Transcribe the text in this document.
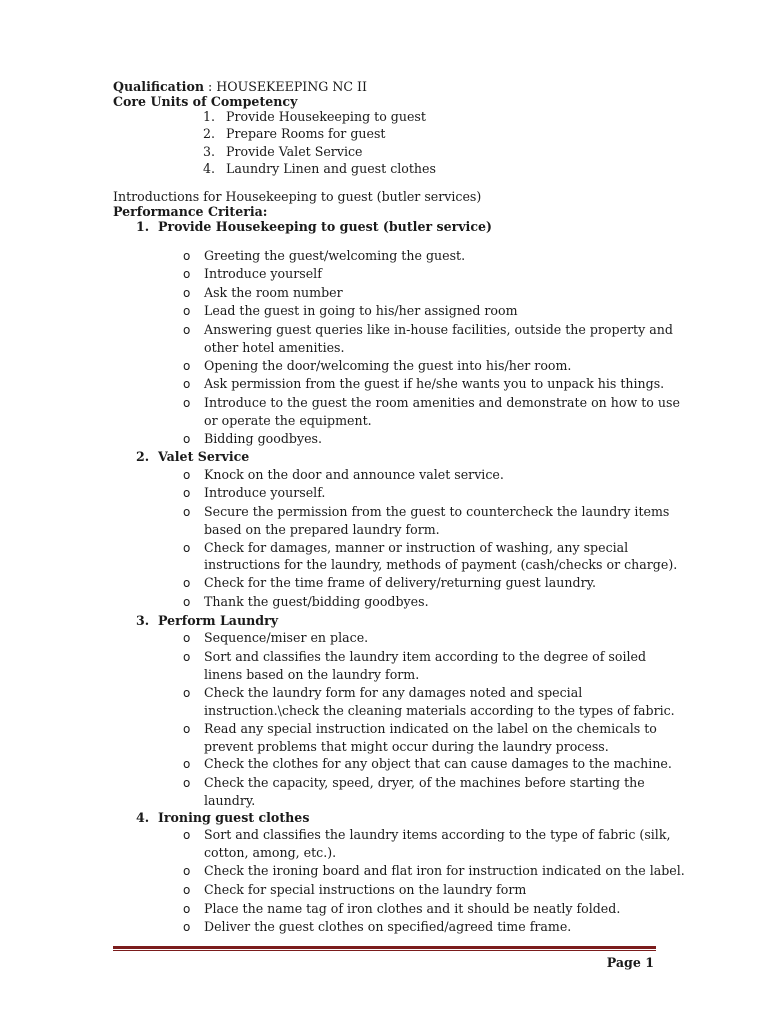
Qualification : HOUSEKEEPING NC II
Core Units of Competency
1. Provide Housekeeping to guest
2. Prepare Rooms for guest
3. Provide Valet Service
4. Laundry Linen and guest clothes
Introductions for Housekeeping to guest (butler services)
Performance Criteria:
1. Provide Housekeeping to guest (butler service)
o Greeting the guest/welcoming the guest.
o Introduce yourself
o Ask the room number
o Lead the guest in going to his/her assigned room
o Answering guest queries like in-house facilities, outside the property and
other hotel amenities.
o Opening the door/welcoming the guest into his/her room.
o Ask permission from the guest if he/she wants you to unpack his things.
o Introduce to the guest the room amenities and demonstrate on how to use
or operate the equipment.
o Bidding goodbyes.
2. Valet Service
o Knock on the door and announce valet service.
o Introduce yourself.
o Secure the permission from the guest to countercheck the laundry items
based on the prepared laundry form.
o Check for damages, manner or instruction of washing, any special
instructions for the laundry, methods of payment (cash/checks or charge).
o Check for the time frame of delivery/returning guest laundry.
o Thank the guest/bidding goodbyes.
3. Perform Laundry
o Sequence/miser en place.
o Sort and classifies the laundry item according to the degree of soiled
linens based on the laundry form.
o Check the laundry form for any damages noted and special
instruction.\check the cleaning materials according to the types of fabric.
o Read any special instruction indicated on the label on the chemicals to
prevent problems that might occur during the laundry process.
o Check the clothes for any object that can cause damages to the machine.
o Check the capacity, speed, dryer, of the machines before starting the
laundry.
4. Ironing guest clothes
o Sort and classifies the laundry items according to the type of fabric (silk,
cotton, among, etc.).
o Check the ironing board and flat iron for instruction indicated on the label.
o Check for special instructions on the laundry form
o Place the name tag of iron clothes and it should be neatly folded.
o Deliver the guest clothes on specified/agreed time frame.
Page 1
